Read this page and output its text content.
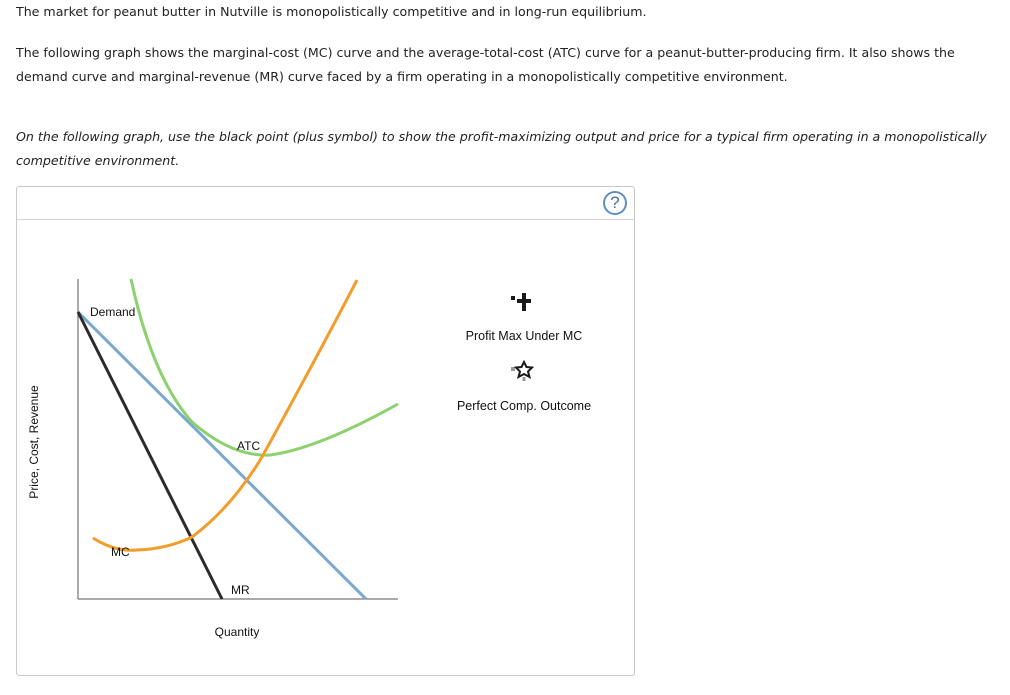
The market for peanut butter in Nutville is monopolistically competitive and in long-run equilibrium.

The following graph shows the marginal-cost (MC) curve and the average-total-cost (ATC) curve for a peanut-butter-producing firm. It also shows the demand curve and marginal-revenue (MR) curve faced by a firm operating in a monopolistically competitive environment.

On the following graph, use the black point (plus symbol) to show the profit-maximizing output and price for a typical firm operating in a monopolistically competitive environment.

?
Demand
ATC
MC
MR
Price, Cost, Revenue
Quantity
Profit Max Under MC
Perfect Comp. Outcome
